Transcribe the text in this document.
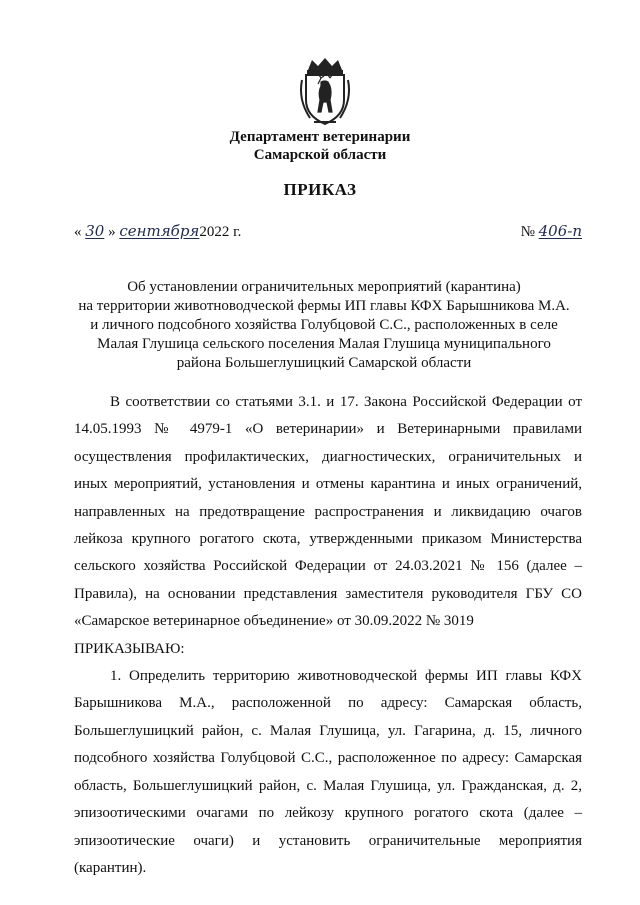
Департамент ветеринарии
Самарской области
ПРИКАЗ
« 30 » сентября2022 г.	№ 406-п
Об установлении ограничительных мероприятий (карантина)
на территории животноводческой фермы ИП главы КФХ Барышникова М.А.
и личного подсобного хозяйства Голубцовой С.С., расположенных в селе
Малая Глушица сельского поселения Малая Глушица муниципального
района Большеглушицкий Самарской области

В соответствии со статьями 3.1. и 17. Закона Российской Федерации от 14.05.1993 № 4979-1 «О ветеринарии» и Ветеринарными правилами осуществления профилактических, диагностических, ограничительных и иных мероприятий, установления и отмены карантина и иных ограничений, направленных на предотвращение распространения и ликвидацию очагов лейкоза крупного рогатого скота, утвержденными приказом Министерства сельского хозяйства Российской Федерации от 24.03.2021 № 156 (далее – Правила), на основании представления заместителя руководителя ГБУ СО «Самарское ветеринарное объединение» от 30.09.2022 № 3019

ПРИКАЗЫВАЮ:

1. Определить территорию животноводческой фермы ИП главы КФХ Барышникова М.А., расположенной по адресу: Самарская область, Большеглушицкий район, с. Малая Глушица, ул. Гагарина, д. 15, личного подсобного хозяйства Голубцовой С.С., расположенное по адресу: Самарская область, Большеглушицкий район, с. Малая Глушица, ул. Гражданская, д. 2, эпизоотическими очагами по лейкозу крупного рогатого скота (далее – эпизоотические очаги) и установить ограничительные мероприятия (карантин).
